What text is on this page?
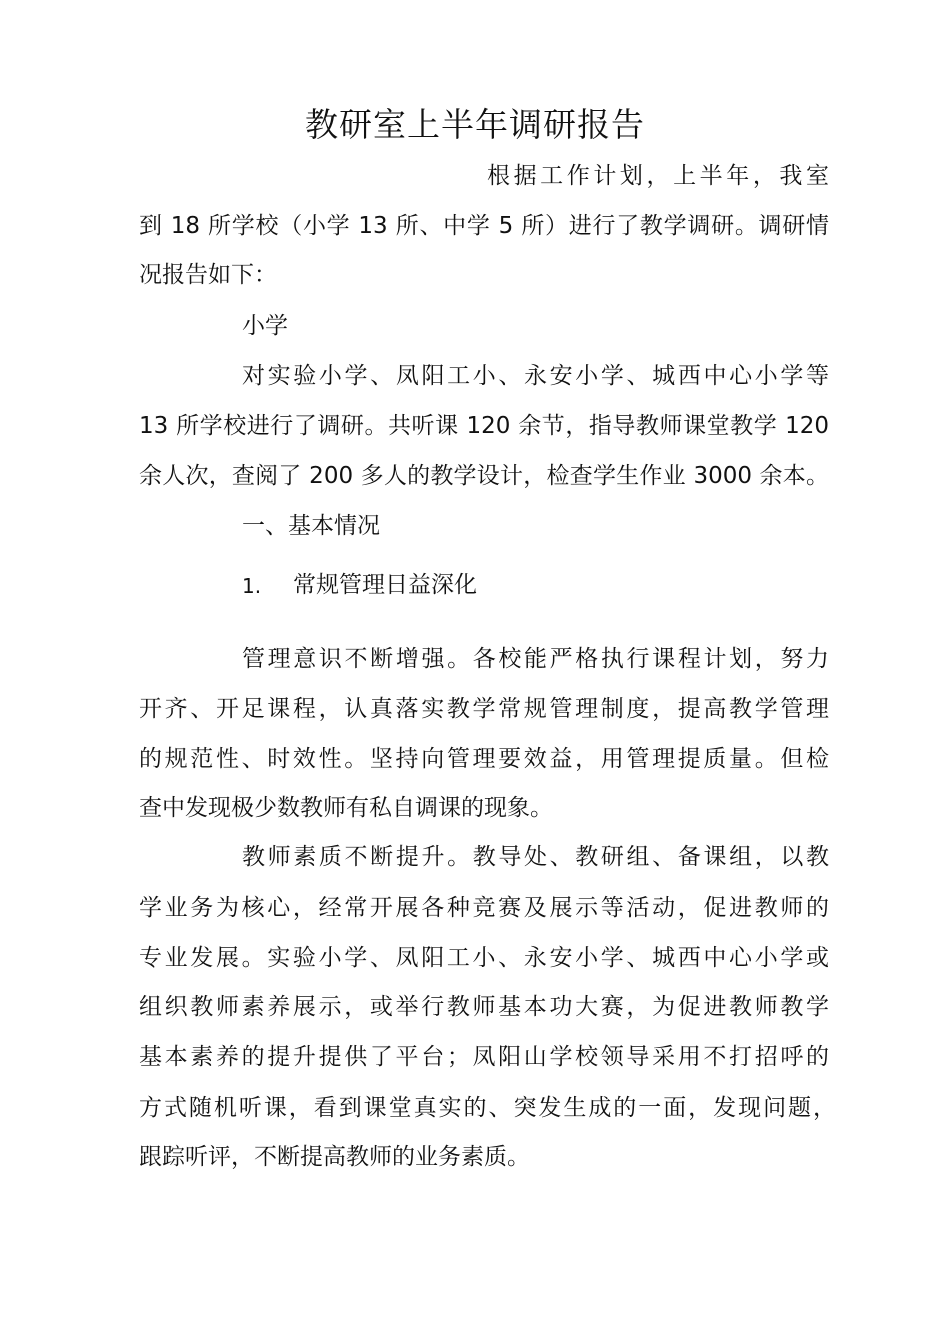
教研室上半年调研报告
根据工作计划，上半年，我室
到 18 所学校（小学 13 所、中学 5 所）进行了教学调研。调研情
况报告如下：
小学
对实验小学、凤阳工小、永安小学、城西中心小学等
13 所学校进行了调研。共听课 120 余节，指导教师课堂教学 120
余人次，查阅了 200 多人的教学设计，检查学生作业 3000 余本。
一、基本情况
1. 常规管理日益深化
管理意识不断增强。各校能严格执行课程计划，努力
开齐、开足课程，认真落实教学常规管理制度，提高教学管理
的规范性、时效性。坚持向管理要效益，用管理提质量。但检
查中发现极少数教师有私自调课的现象。
教师素质不断提升。教导处、教研组、备课组，以教
学业务为核心，经常开展各种竞赛及展示等活动，促进教师的
专业发展。实验小学、凤阳工小、永安小学、城西中心小学或
组织教师素养展示，或举行教师基本功大赛，为促进教师教学
基本素养的提升提供了平台；凤阳山学校领导采用不打招呼的
方式随机听课，看到课堂真实的、突发生成的一面，发现问题，
跟踪听评，不断提高教师的业务素质。
